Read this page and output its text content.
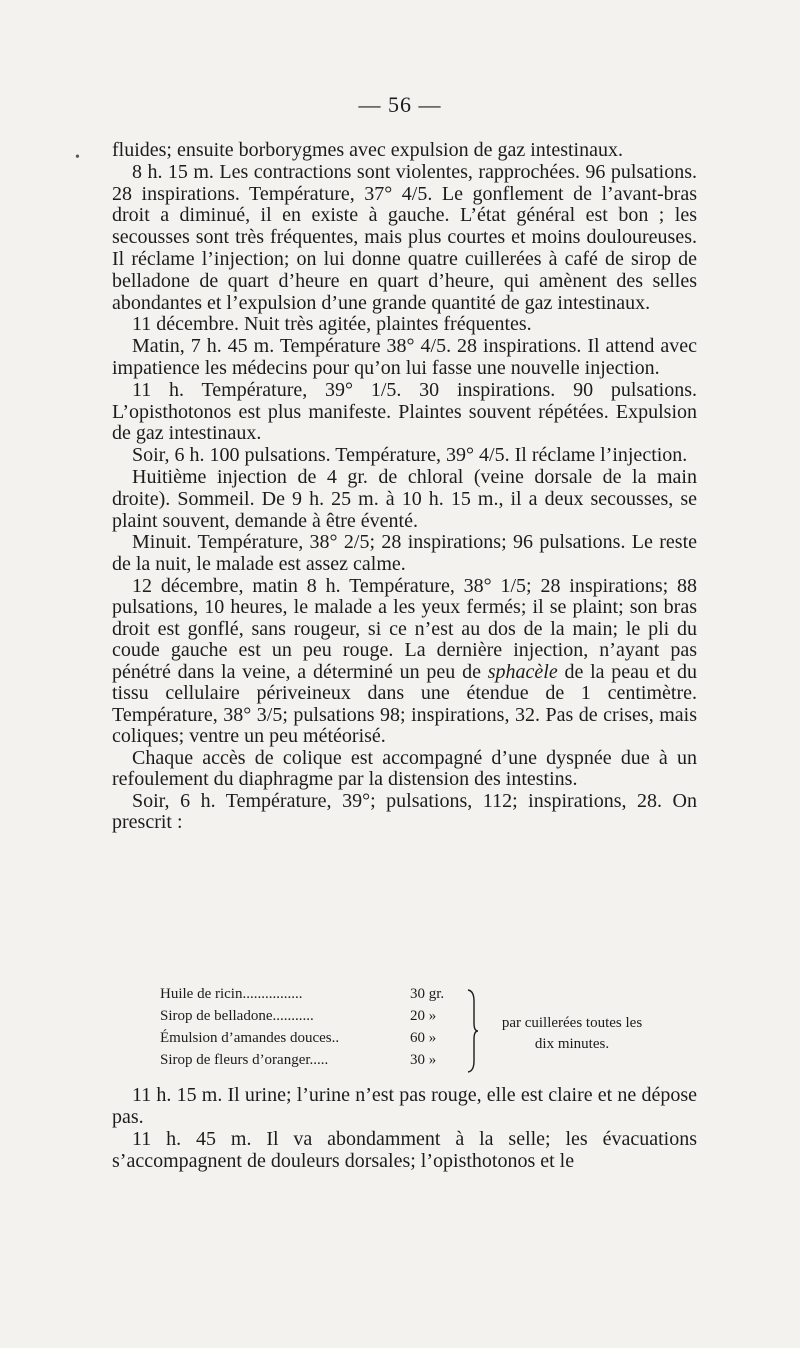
•
— 56 —

fluides; ensuite borborygmes avec expulsion de gaz intestinaux.

8 h. 15 m. Les contractions sont violentes, rapprochées. 96 pulsations. 28 inspirations. Température, 37° 4/5. Le gonflement de l’avant-bras droit a diminué, il en existe à gauche. L’état général est bon ; les secousses sont très fréquentes, mais plus courtes et moins douloureuses. Il réclame l’injection; on lui donne quatre cuillerées à café de sirop de belladone de quart d’heure en quart d’heure, qui amènent des selles abondantes et l’expulsion d’une grande quantité de gaz intestinaux.

11 décembre. Nuit très agitée, plaintes fréquentes.

Matin, 7 h. 45 m. Température 38° 4/5. 28 inspirations. Il attend avec impatience les médecins pour qu’on lui fasse une nouvelle injection.

11 h. Température, 39° 1/5. 30 inspirations. 90 pulsations. L’opisthotonos est plus manifeste. Plaintes souvent répétées. Expulsion de gaz intestinaux.

Soir, 6 h. 100 pulsations. Température, 39° 4/5. Il réclame l’injection.

Huitième injection de 4 gr. de chloral (veine dorsale de la main droite). Sommeil. De 9 h. 25 m. à 10 h. 15 m., il a deux secousses, se plaint souvent, demande à être éventé.

Minuit. Température, 38° 2/5; 28 inspirations; 96 pulsations. Le reste de la nuit, le malade est assez calme.

12 décembre, matin 8 h. Température, 38° 1/5; 28 inspirations; 88 pulsations, 10 heures, le malade a les yeux fermés; il se plaint; son bras droit est gonflé, sans rougeur, si ce n’est au dos de la main; le pli du coude gauche est un peu rouge. La dernière injection, n’ayant pas pénétré dans la veine, a déterminé un peu de sphacèle de la peau et du tissu cellulaire périveineux dans une étendue de 1 centimètre. Température, 38° 3/5; pulsations 98; inspirations, 32. Pas de crises, mais coliques; ventre un peu météorisé.

Chaque accès de colique est accompagné d’une dyspnée due à un refoulement du diaphragme par la distension des intestins.

Soir, 6 h. Température, 39°; pulsations, 112; inspirations, 28. On prescrit :

Huile de ricin................	30 gr.
Sirop de belladone...........	20 »
Émulsion d’amandes douces..	60 »
Sirop de fleurs d’oranger.....	30 »
par cuillerées toutes les dix minutes.

11 h. 15 m. Il urine; l’urine n’est pas rouge, elle est claire et ne dépose pas.

11 h. 45 m. Il va abondamment à la selle; les évacuations s’accompagnent de douleurs dorsales; l’opisthotonos et le
